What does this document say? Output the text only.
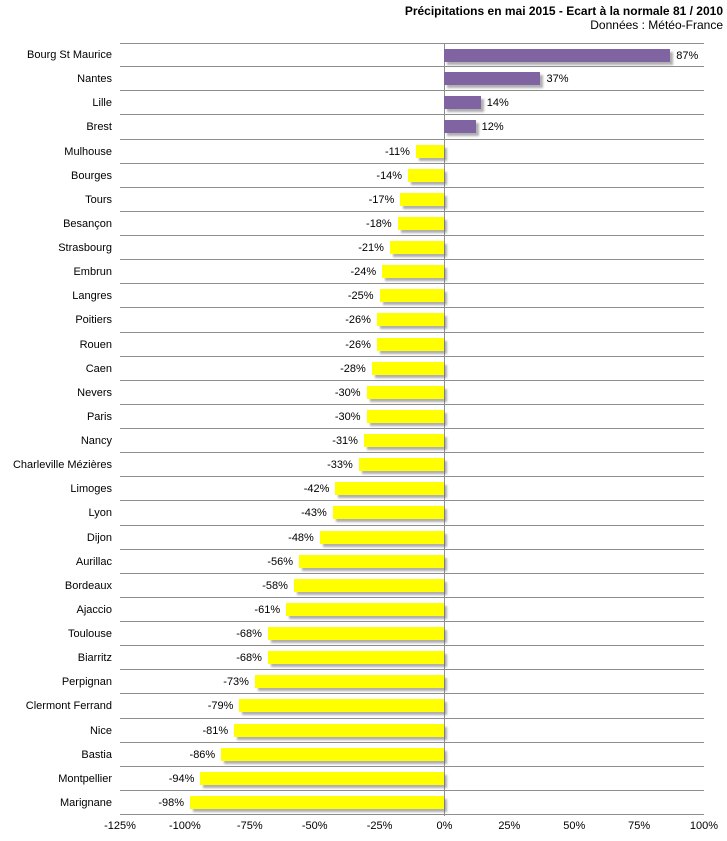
Précipitations en mai 2015 - Ecart à la normale 81 / 2010
Données : Météo-France
Bourg St Maurice	87%
Nantes	37%
Lille	14%
Brest	12%
Mulhouse	-11%
Bourges	-14%
Tours	-17%
Besançon	-18%
Strasbourg	-21%
Embrun	-24%
Langres	-25%
Poitiers	-26%
Rouen	-26%
Caen	-28%
Nevers	-30%
Paris	-30%
Nancy	-31%
Charleville Mézières	-33%
Limoges	-42%
Lyon	-43%
Dijon	-48%
Aurillac	-56%
Bordeaux	-58%
Ajaccio	-61%
Toulouse	-68%
Biarritz	-68%
Perpignan	-73%
Clermont Ferrand	-79%
Nice	-81%
Bastia	-86%
Montpellier	-94%
Marignane	-98%
-125%	-100%	-75%	-50%	-25%	0%	25%	50%	75%	100%
